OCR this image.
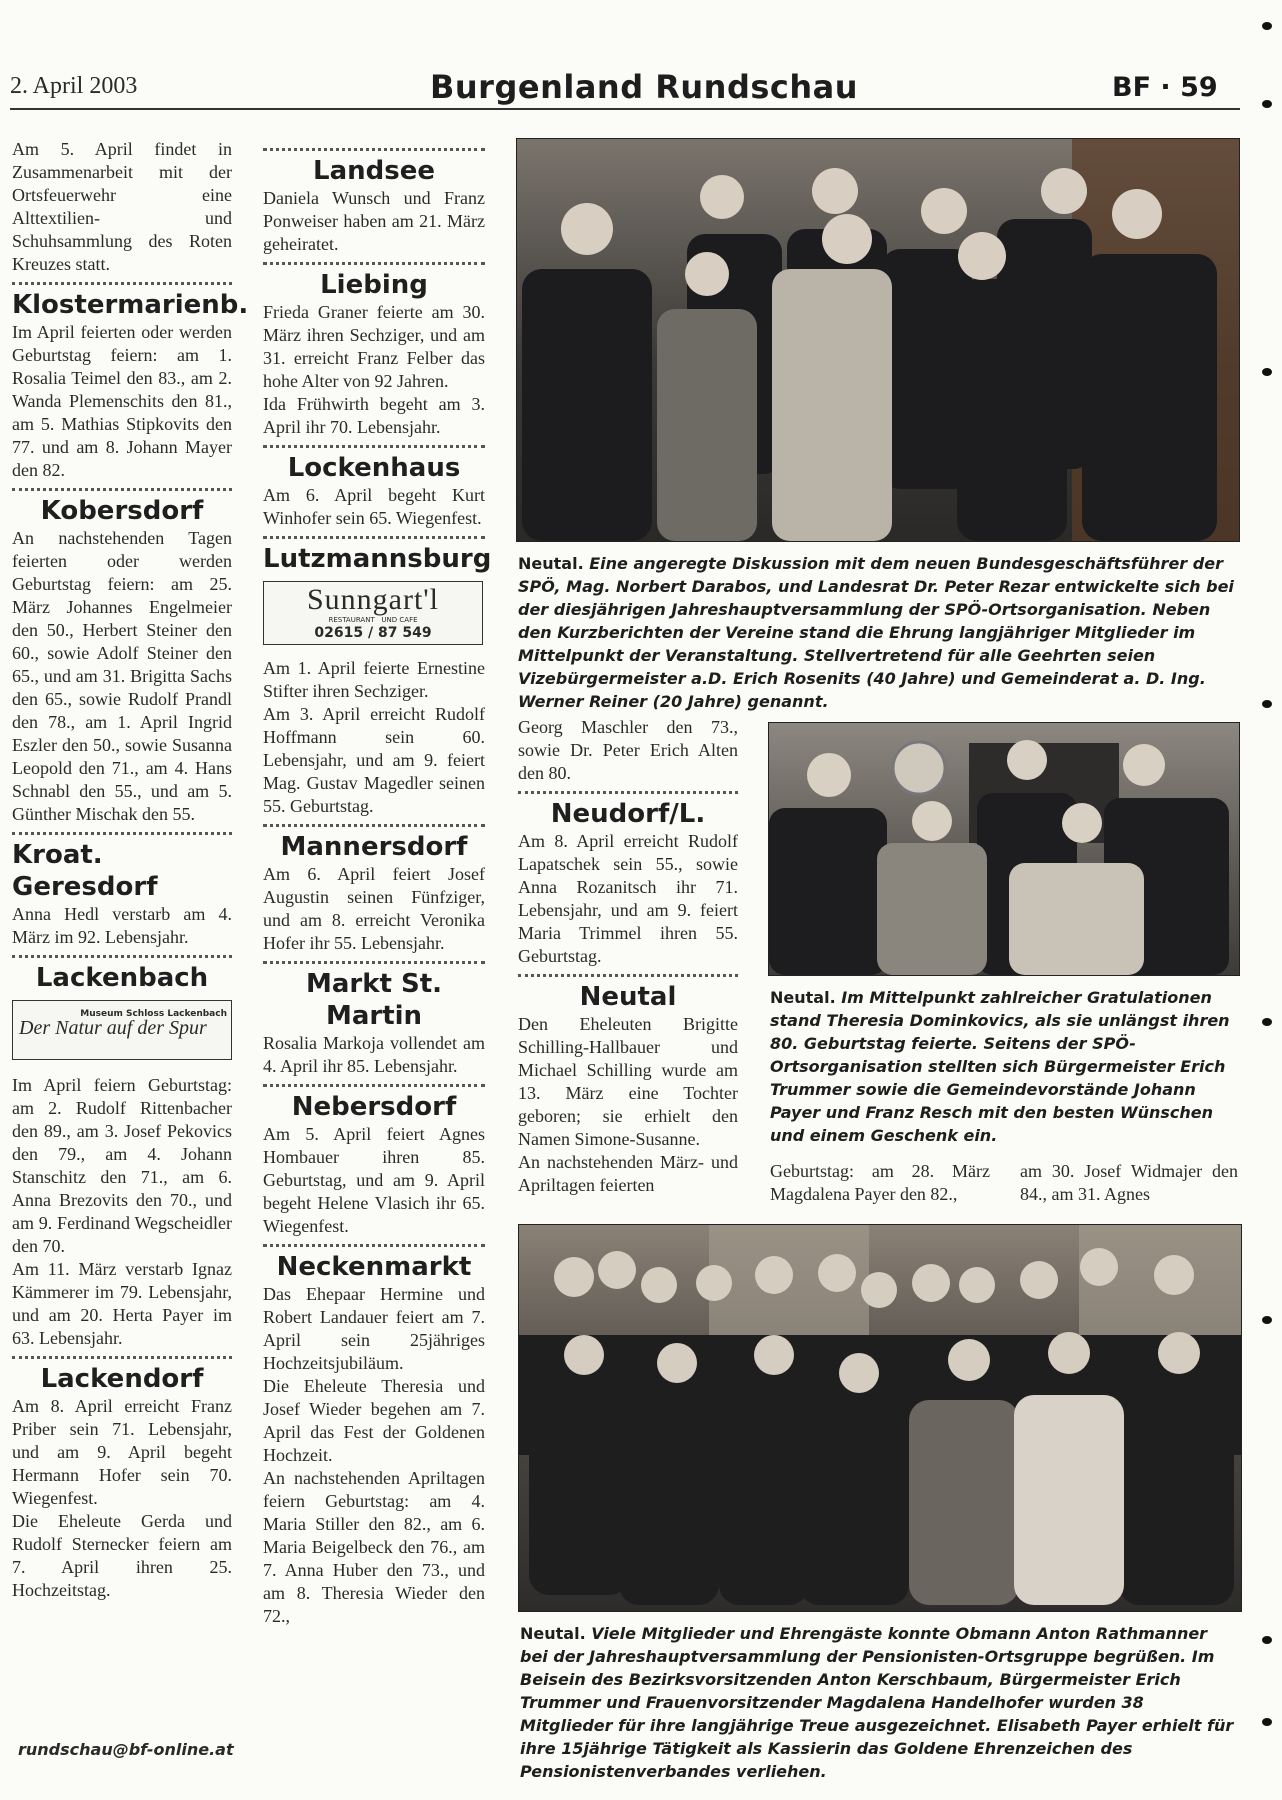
2. April 2003	Burgenland Rundschau	BF · 59

Am 5. April findet in Zusammenarbeit mit der Ortsfeuerwehr eine Alttextilien- und Schuhsammlung des Roten Kreuzes statt.

Klostermarienb.

Im April feierten oder werden Geburtstag feiern: am 1. Rosalia Teimel den 83., am 2. Wanda Plemenschits den 81., am 5. Mathias Stipkovits den 77. und am 8. Johann Mayer den 82.

Kobersdorf

An nachstehenden Tagen feierten oder werden Geburtstag feiern: am 25. März Johannes Engelmeier den 50., Herbert Steiner den 60., sowie Adolf Steiner den 65., und am 31. Brigitta Sachs den 65., sowie Rudolf Prandl den 78., am 1. April Ingrid Eszler den 50., sowie Susanna Leopold den 71., am 4. Hans Schnabl den 55., und am 5. Günther Mischak den 55.

Kroat. Geresdorf

Anna Hedl verstarb am 4. März im 92. Lebensjahr.

Lackenbach
Der Natur auf der Spur
Museum Schloss Lackenbach

Im April feiern Geburtstag: am 2. Rudolf Rittenbacher den 89., am 3. Josef Pekovics den 79., am 4. Johann Stanschitz den 71., am 6. Anna Brezovits den 70., und am 9. Ferdinand Wegscheidler den 70.

Am 11. März verstarb Ignaz Kämmerer im 79. Lebensjahr, und am 20. Herta Payer im 63. Lebensjahr.

Lackendorf

Am 8. April erreicht Franz Priber sein 71. Lebensjahr, und am 9. April begeht Hermann Hofer sein 70. Wiegenfest.

Die Eheleute Gerda und Rudolf Sternecker feiern am 7. April ihren 25. Hochzeitstag.

rundschau@bf-online.at
Landsee

Daniela Wunsch und Franz Ponweiser haben am 21. März geheiratet.

Liebing

Frieda Graner feierte am 30. März ihren Sechziger, und am 31. erreicht Franz Felber das hohe Alter von 92 Jahren.

Ida Frühwirth begeht am 3. April ihr 70. Lebensjahr.

Lockenhaus

Am 6. April begeht Kurt Winhofer sein 65. Wiegenfest.

Lutzmannsburg
Sunngart'l
RESTAURANT UND CAFE
02615 / 87 549

Am 1. April feierte Ernestine Stifter ihren Sechziger.

Am 3. April erreicht Rudolf Hoffmann sein 60. Lebensjahr, und am 9. feiert Mag. Gustav Magedler seinen 55. Geburtstag.

Mannersdorf

Am 6. April feiert Josef Augustin seinen Fünfziger, und am 8. erreicht Veronika Hofer ihr 55. Lebensjahr.

Markt St. Martin

Rosalia Markoja vollendet am 4. April ihr 85. Lebensjahr.

Nebersdorf

Am 5. April feiert Agnes Hombauer ihren 85. Geburtstag, und am 9. April begeht Helene Vlasich ihr 65. Wiegenfest.

Neckenmarkt

Das Ehepaar Hermine und Robert Landauer feiert am 7. April sein 25jähriges Hochzeitsjubiläum.

Die Eheleute Theresia und Josef Wieder begehen am 7. April das Fest der Goldenen Hochzeit.

An nachstehenden Apriltagen feiern Geburtstag: am 4. Maria Stiller den 82., am 6. Maria Beigelbeck den 76., am 7. Anna Huber den 73., und am 8. Theresia Wieder den 72.,

Neutal. Eine angeregte Diskussion mit dem neuen Bundesgeschäftsführer der SPÖ, Mag. Norbert Darabos, und Landesrat Dr. Peter Rezar entwickelte sich bei der diesjährigen Jahreshauptversammlung der SPÖ-Ortsorganisation. Neben den Kurzberichten der Vereine stand die Ehrung langjähriger Mitglieder im Mittelpunkt der Veranstaltung. Stellvertretend für alle Geehrten seien Vizebürgermeister a.D. Erich Rosenits (40 Jahre) und Gemeinderat a. D. Ing. Werner Reiner (20 Jahre) genannt.

Georg Maschler den 73., sowie Dr. Peter Erich Alten den 80.

Neudorf/L.

Am 8. April erreicht Rudolf Lapatschek sein 55., sowie Anna Rozanitsch ihr 71. Lebensjahr, und am 9. feiert Maria Trimmel ihren 55. Geburtstag.

Neutal

Den Eheleuten Brigitte Schilling-Hallbauer und Michael Schilling wurde am 13. März eine Tochter geboren; sie erhielt den Namen Simone-Susanne.

An nachstehenden März- und Apriltagen feierten

Neutal. Im Mittelpunkt zahlreicher Gratulationen stand Theresia Dominkovics, als sie unlängst ihren 80. Geburtstag feierte. Seitens der SPÖ-Ortsorganisation stellten sich Bürgermeister Erich Trummer sowie die Gemeindevorstände Johann Payer und Franz Resch mit den besten Wünschen und einem Geschenk ein.

Geburtstag: am 28. März Magdalena Payer den 82.,

am 30. Josef Widmajer den 84., am 31. Agnes

Neutal. Viele Mitglieder und Ehrengäste konnte Obmann Anton Rathmanner bei der Jahreshauptversammlung der Pensionisten-Ortsgruppe begrüßen. Im Beisein des Bezirksvorsitzenden Anton Kerschbaum, Bürgermeister Erich Trummer und Frauenvorsitzender Magdalena Handelhofer wurden 38 Mitglieder für ihre langjährige Treue ausgezeichnet. Elisabeth Payer erhielt für ihre 15jährige Tätigkeit als Kassierin das Goldene Ehrenzeichen des Pensionistenverbandes verliehen.
